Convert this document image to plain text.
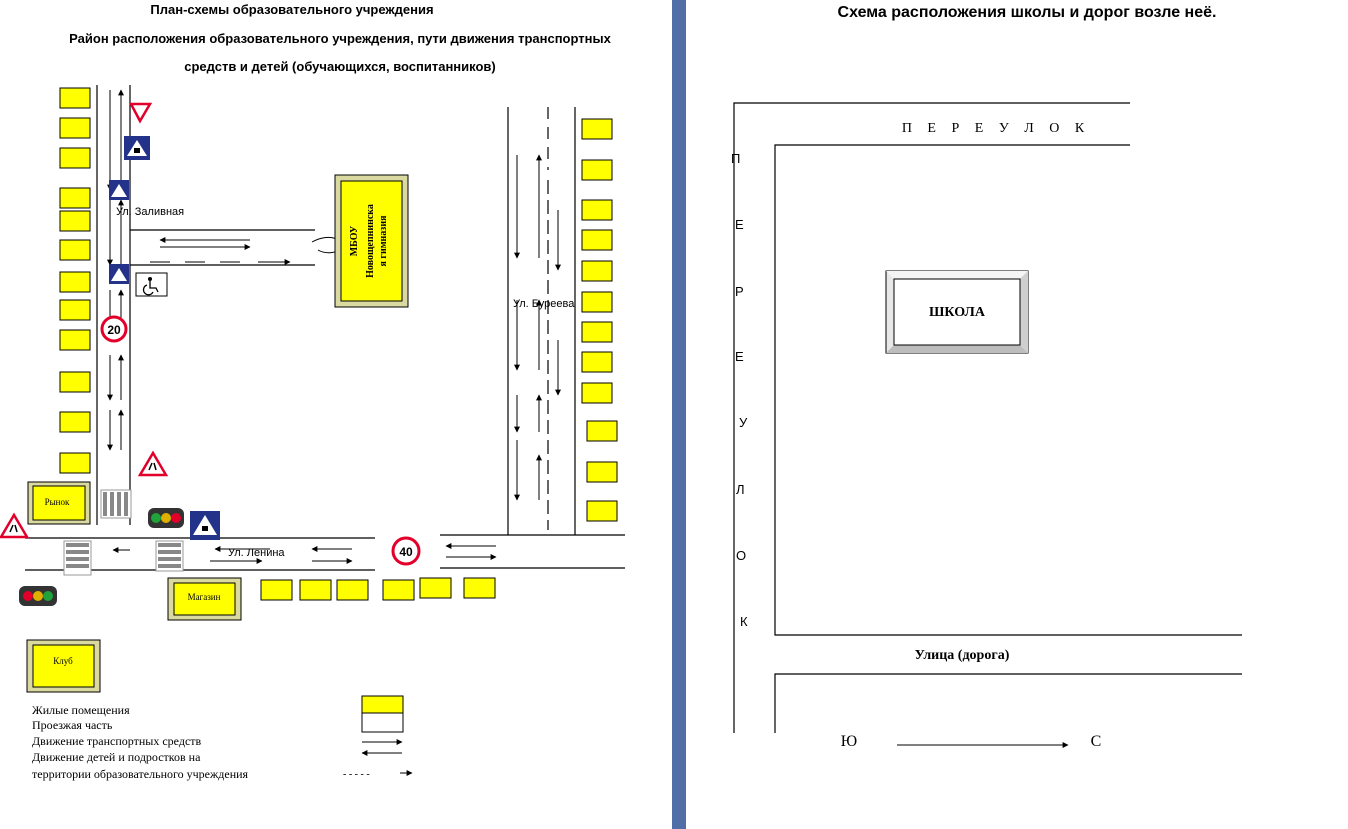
План-схемы образовательного учреждения
Район расположения образовательного учреждения, пути движения транспортных
средств и детей (обучающихся, воспитанников)
Ул. Заливная
Ул. Буреева
Ул. Ленина
МБОУ Новощепнинска я гимназия
Рынок
Магазин
Клуб
20
40
Жилые помещения
Проезжая часть
Движение транспортных средств
Движение детей и подростков на
территории образовательного учреждения	- - - - -
Схема расположения школы и дорог возле неё.
П Е Р Е У Л О К
П
Е
Р
Е
У
Л
О
К
ШКОЛА
Улица (дорога)
Ю	С
